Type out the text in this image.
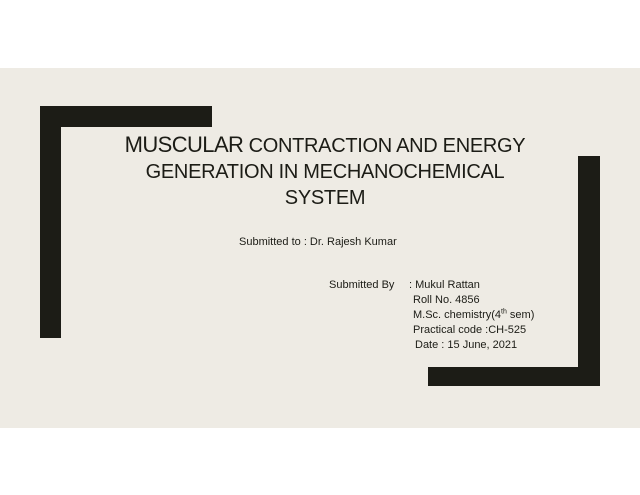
MUSCULAR CONTRACTION AND ENERGY
GENERATION IN MECHANOCHEMICAL
SYSTEM
Submitted to : Dr. Rajesh Kumar
Submitted By : Mukul Rattan
Roll No. 4856
M.Sc. chemistry(4th sem)
Practical code :CH-525
Date : 15 June, 2021
